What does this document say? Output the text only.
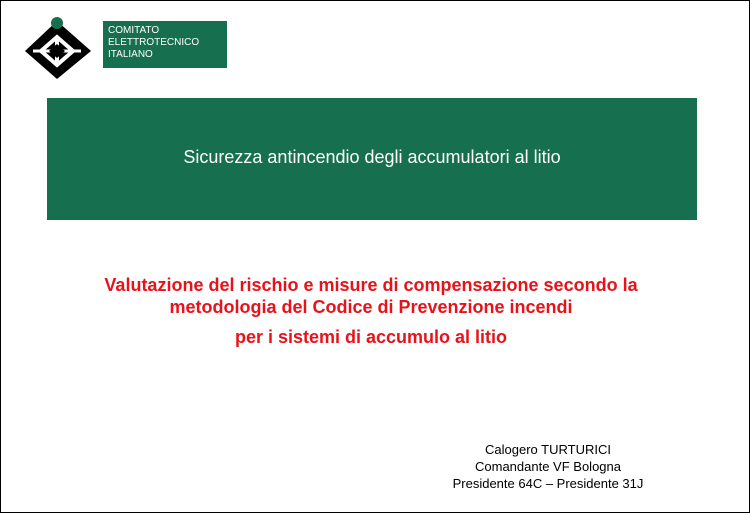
COMITATO
ELETTROTECNICO
ITALIANO
Sicurezza antincendio degli accumulatori al litio
Valutazione del rischio e misure di compensazione secondo la
metodologia del Codice di Prevenzione incendi
per i sistemi di accumulo al litio
Calogero TURTURICI
Comandante VF Bologna
Presidente 64C – Presidente 31J
